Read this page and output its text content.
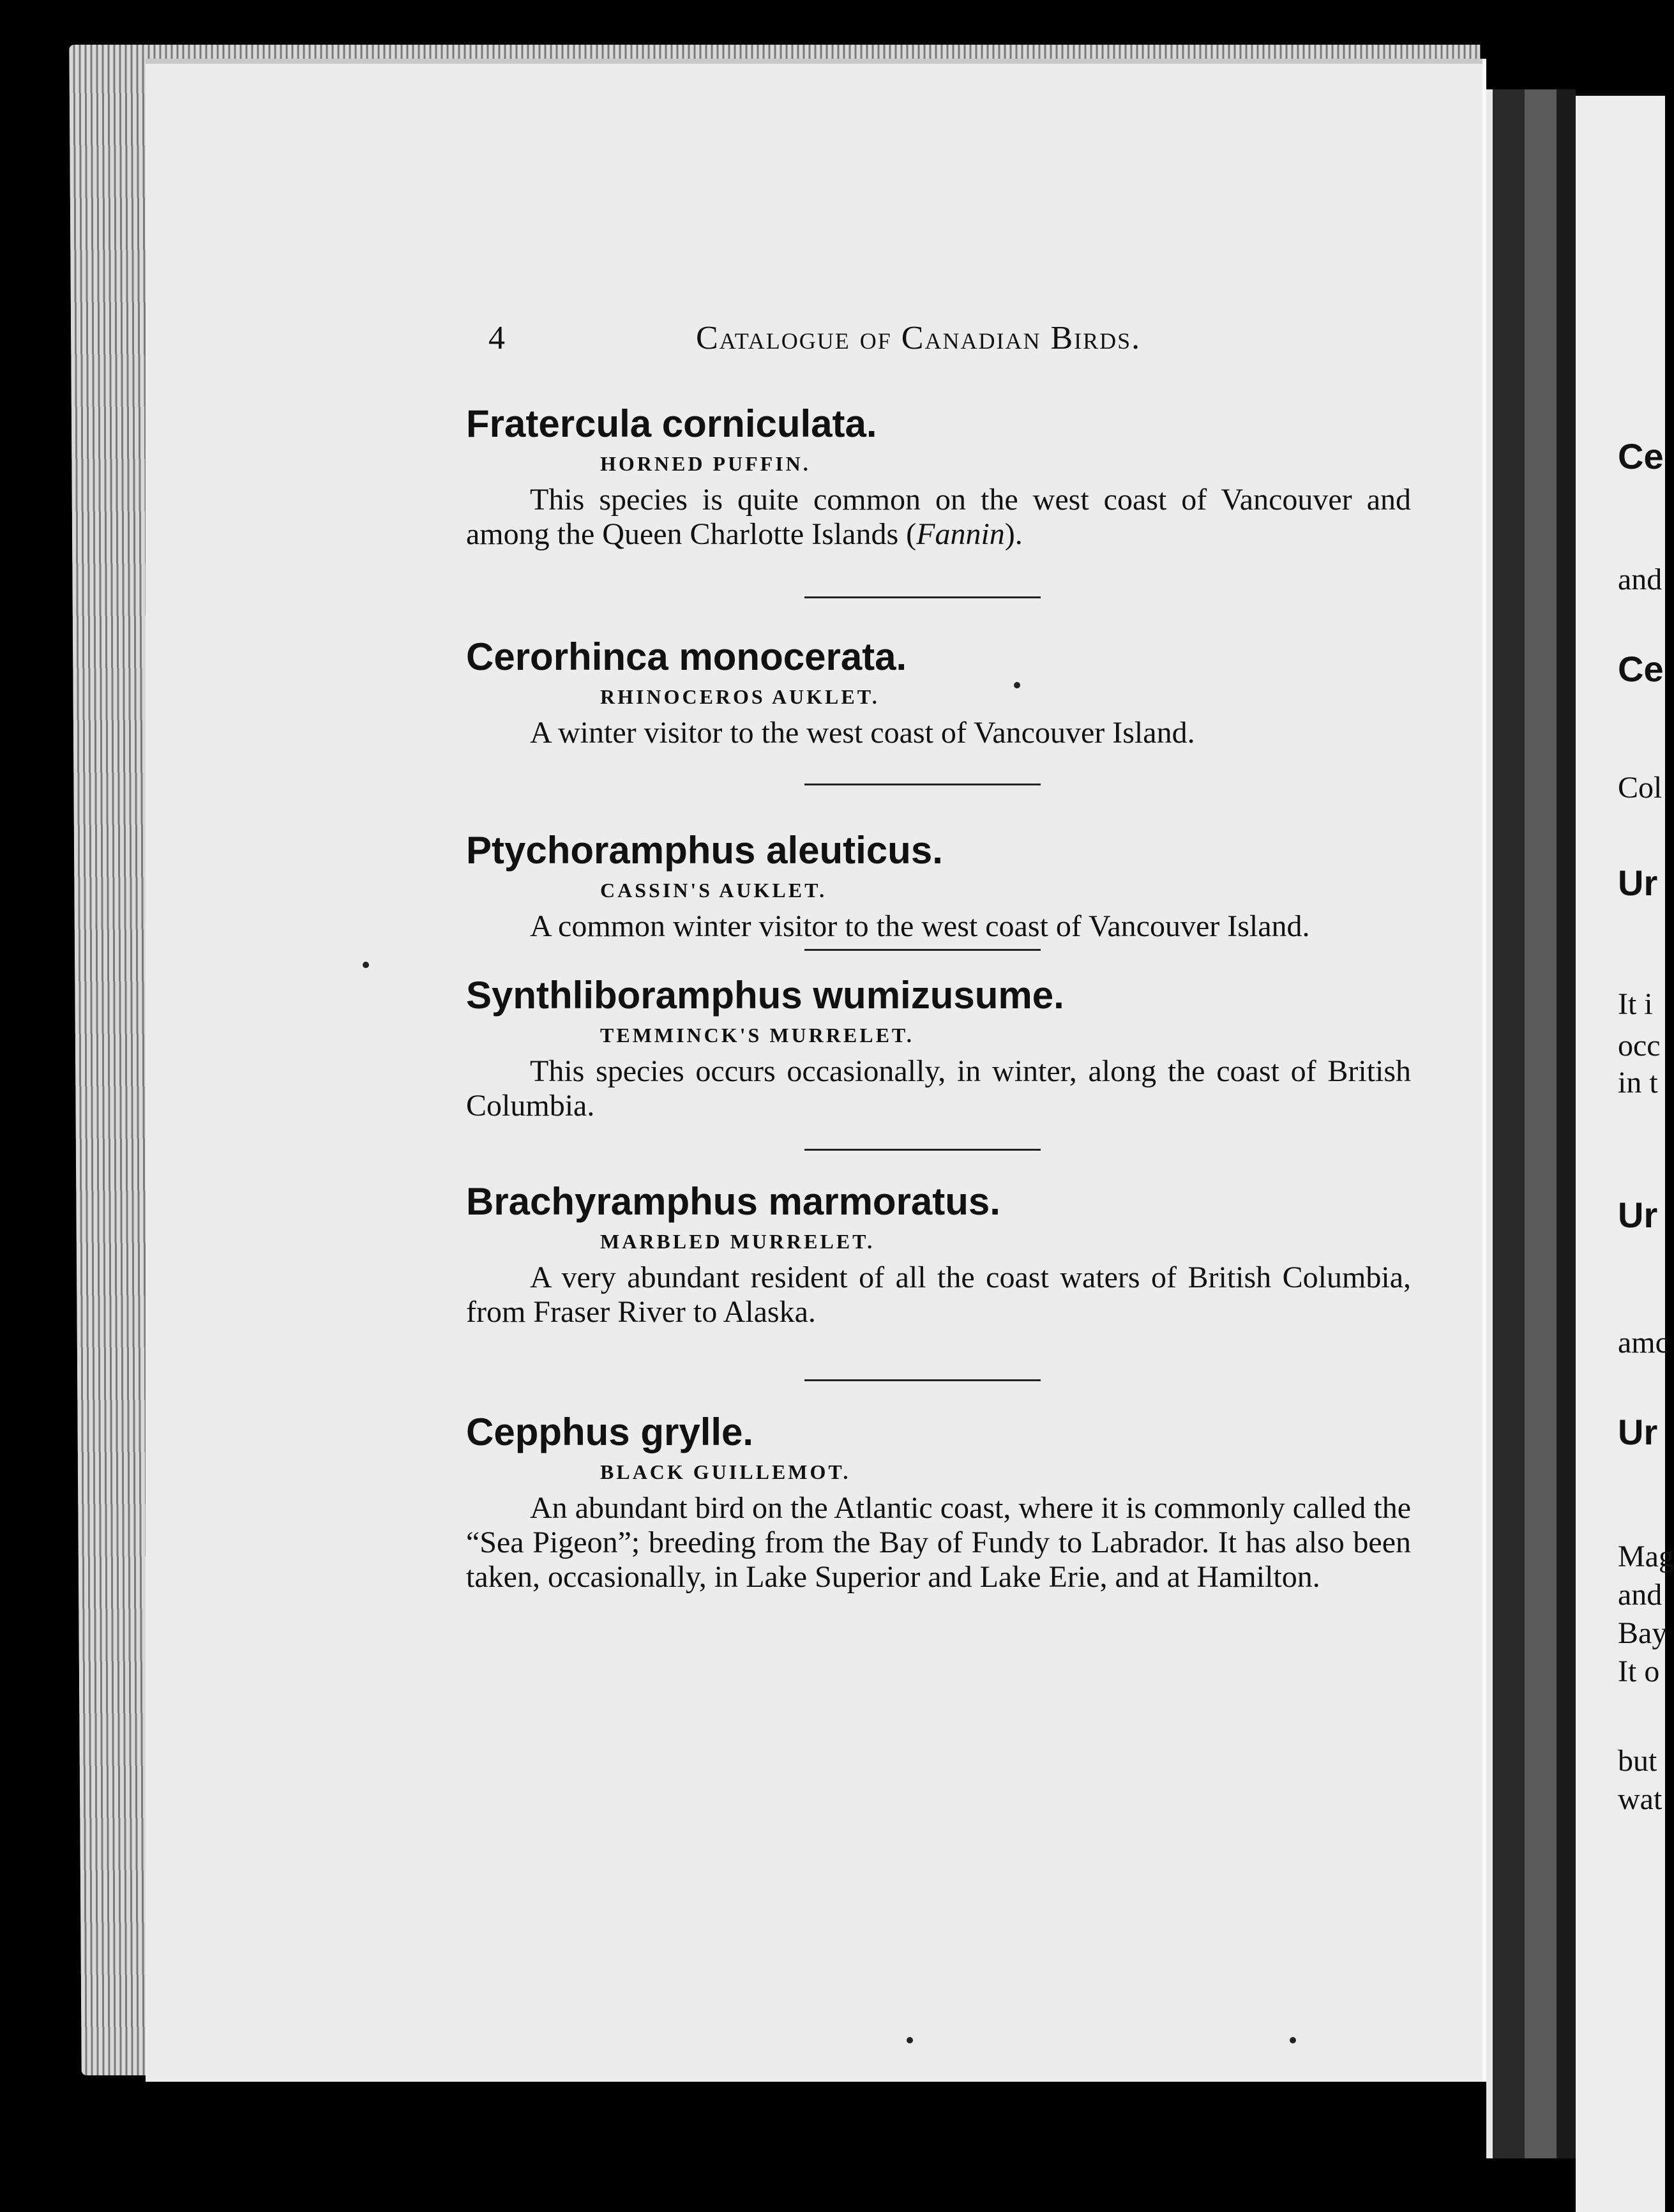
Ce
and
Ce
Col
Ur
It i
occ
in t
Ur
amc
Ur
Mag
and
Bay
It o
but
wat
4	Catalogue of Canadian Birds.

Fratercula corniculata.

HORNED PUFFIN.

This species is quite common on the west coast of Vancouver and among the Queen Charlotte Islands (Fannin).

Cerorhinca monocerata.

RHINOCEROS AUKLET.

A winter visitor to the west coast of Vancouver Island.

Ptychoramphus aleuticus.

CASSIN'S AUKLET.

A common winter visitor to the west coast of Vancouver Island.

Synthliboramphus wumizusume.

TEMMINCK'S MURRELET.

This species occurs occasionally, in winter, along the coast of British Columbia.

Brachyramphus marmoratus.

MARBLED MURRELET.

A very abundant resident of all the coast waters of British Columbia, from Fraser River to Alaska.

Cepphus grylle.

BLACK GUILLEMOT.

An abundant bird on the Atlantic coast, where it is commonly called the “Sea Pigeon”; breeding from the Bay of Fundy to Labrador. It has also been taken, occasionally, in Lake Superior and Lake Erie, and at Hamilton.
